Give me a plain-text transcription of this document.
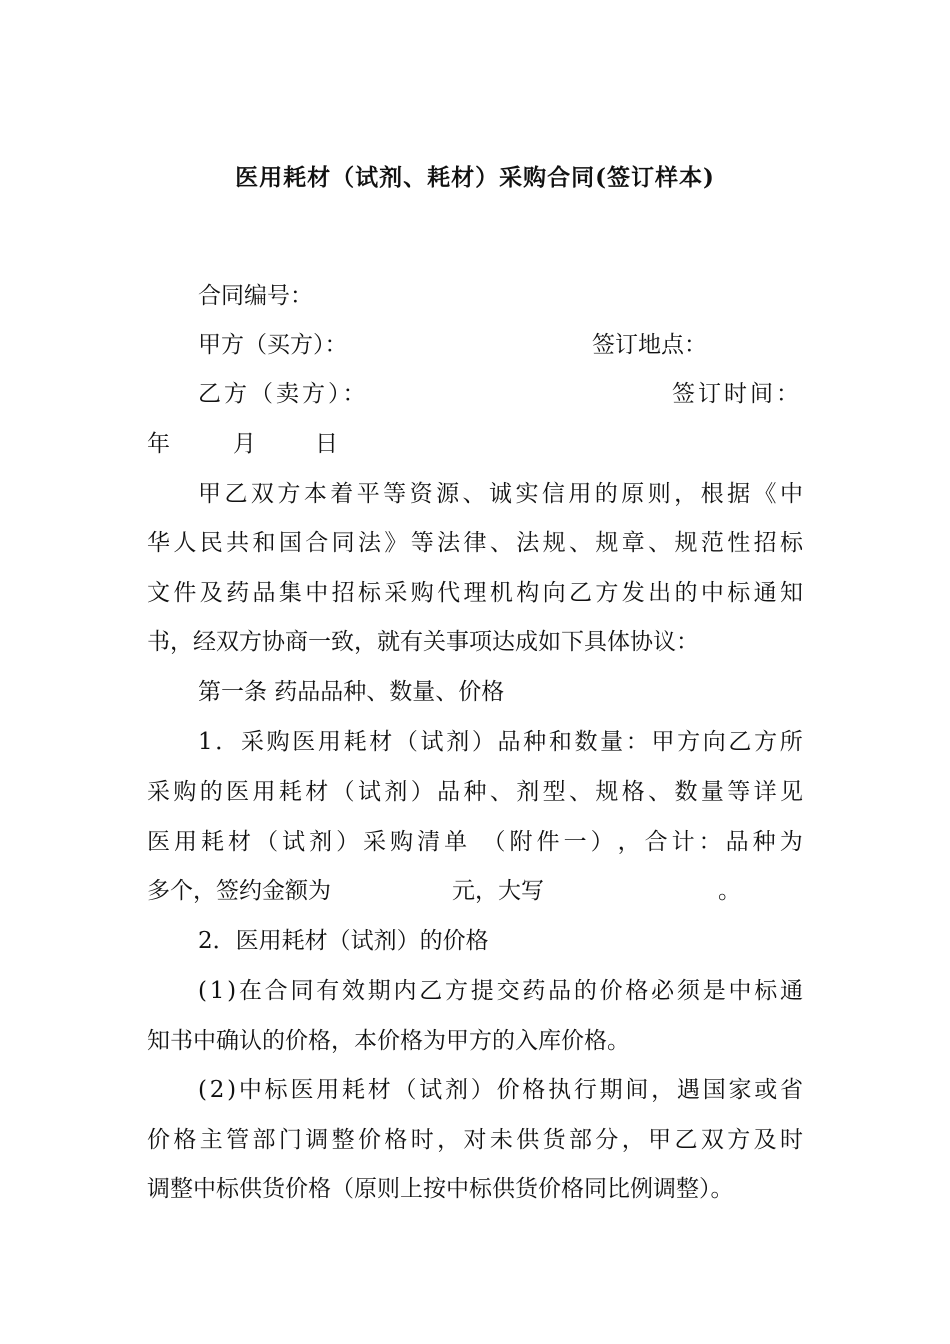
医用耗材（试剂、耗材）采购合同(签订样本)
合同编号：
甲方（买方）：	签订地点：
乙方（卖方）：	签订时间：
年	月	日
甲 乙 双 方 本 着 平 等 资 源 、 诚 实 信 用 的 原 则 ， 根 据 《 中
华 人 民 共 和 国 合 同 法 》 等 法 律 、 法 规 、 规 章 、 规 范 性 招 标
文 件 及 药 品 集 中 招 标 采 购 代 理 机 构 向 乙 方 发 出 的 中 标 通 知
书，经双方协商一致，就有关事项达成如下具体协议：
第一条 药品品种、数量、价格
1 ． 采 购 医 用 耗 材 （ 试 剂 ） 品 种 和 数 量 ： 甲 方 向 乙 方 所
采 购 的 医 用 耗 材 （ 试 剂 ） 品 种 、 剂 型 、 规 格 、 数 量 等 详 见
医 用 耗 材 （ 试 剂 ） 采 购 清 单
（ 附 件 一 ） ， 合 计 ： 品 种 为
多个，签约金额为	元，大写	。
2．医用耗材（试剂）的价格
( 1 ) 在 合 同 有 效 期 内 乙 方 提 交 药 品 的 价 格 必 须 是 中 标 通
知书中确认的价格，本价格为甲方的入库价格。
( 2 ) 中 标 医 用 耗 材 （ 试 剂 ） 价 格 执 行 期 间 ， 遇 国 家 或 省
价 格 主 管 部 门 调 整 价 格 时 ， 对 未 供 货 部 分 ， 甲 乙 双 方 及 时
调整中标供货价格（原则上按中标供货价格同比例调整）。
